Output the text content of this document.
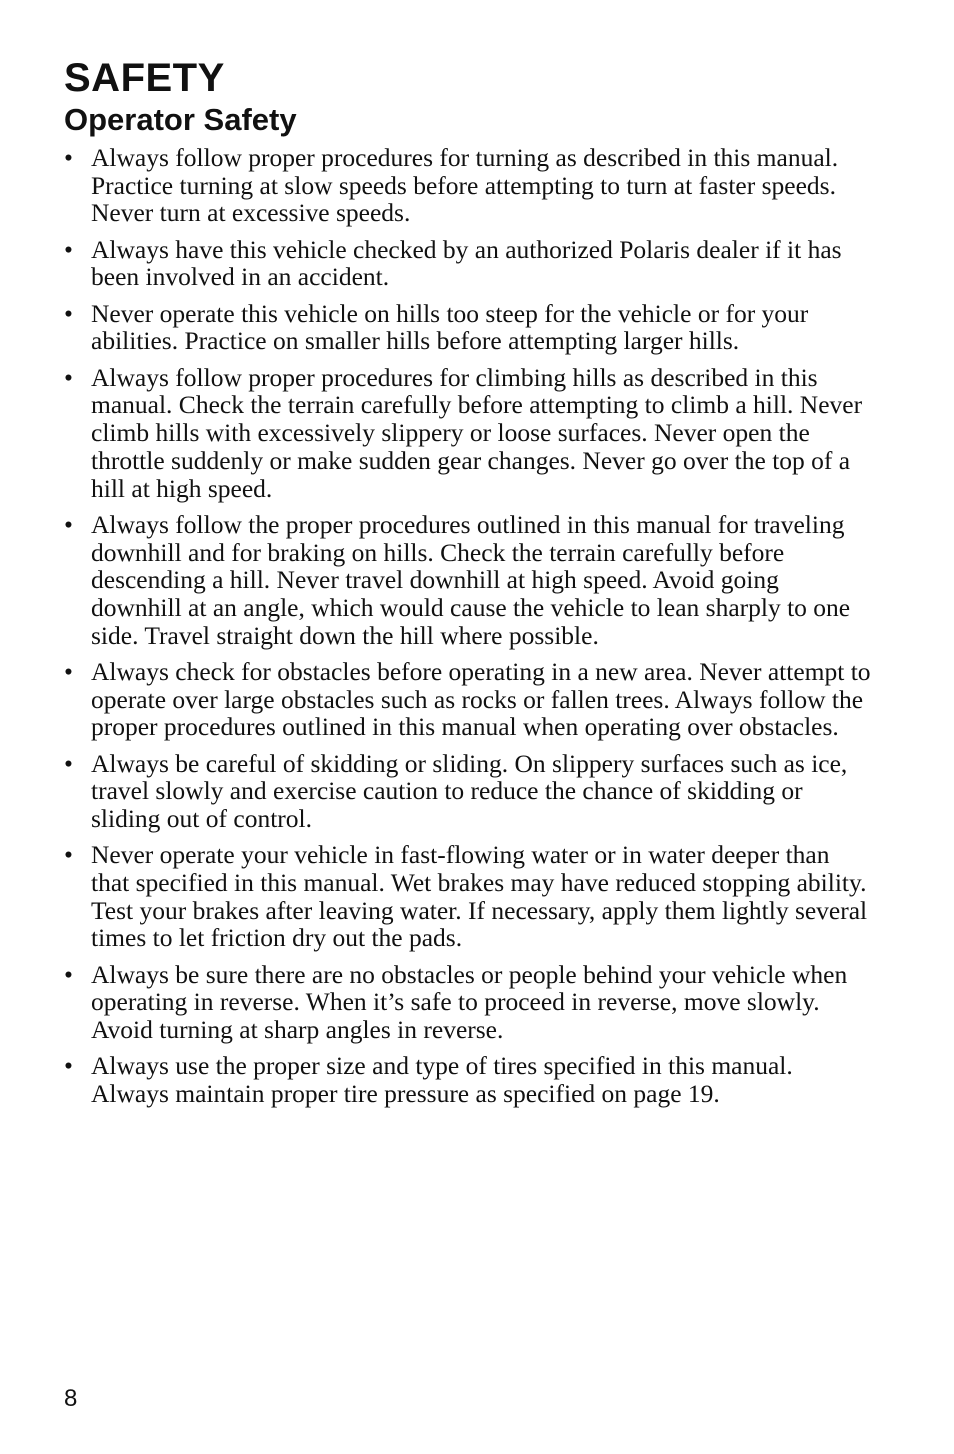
SAFETY
Operator Safety
• Always follow proper procedures for turning as described in this manual. Practice turning at slow speeds before attempting to turn at faster speeds. Never turn at excessive speeds.
• Always have this vehicle checked by an authorized Polaris dealer if it has been involved in an accident.
• Never operate this vehicle on hills too steep for the vehicle or for your abilities. Practice on smaller hills before attempting larger hills.
• Always follow proper procedures for climbing hills as described in this manual. Check the terrain carefully before attempting to climb a hill. Never climb hills with excessively slippery or loose surfaces. Never open the throttle suddenly or make sudden gear changes. Never go over the top of a hill at high speed.
• Always follow the proper procedures outlined in this manual for traveling downhill and for braking on hills. Check the terrain carefully before descending a hill. Never travel downhill at high speed. Avoid going downhill at an angle, which would cause the vehicle to lean sharply to one side. Travel straight down the hill where possible.
• Always check for obstacles before operating in a new area. Never attempt to operate over large obstacles such as rocks or fallen trees. Always follow the proper procedures outlined in this manual when operating over obstacles.
• Always be careful of skidding or sliding. On slippery surfaces such as ice, travel slowly and exercise caution to reduce the chance of skidding or sliding out of control.
• Never operate your vehicle in fast-flowing water or in water deeper than that specified in this manual. Wet brakes may have reduced stopping ability. Test your brakes after leaving water. If necessary, apply them lightly several times to let friction dry out the pads.
• Always be sure there are no obstacles or people behind your vehicle when operating in reverse. When it’s safe to proceed in reverse, move slowly. Avoid turning at sharp angles in reverse.
• Always use the proper size and type of tires specified in this manual. Always maintain proper tire pressure as specified on page 19.
8
